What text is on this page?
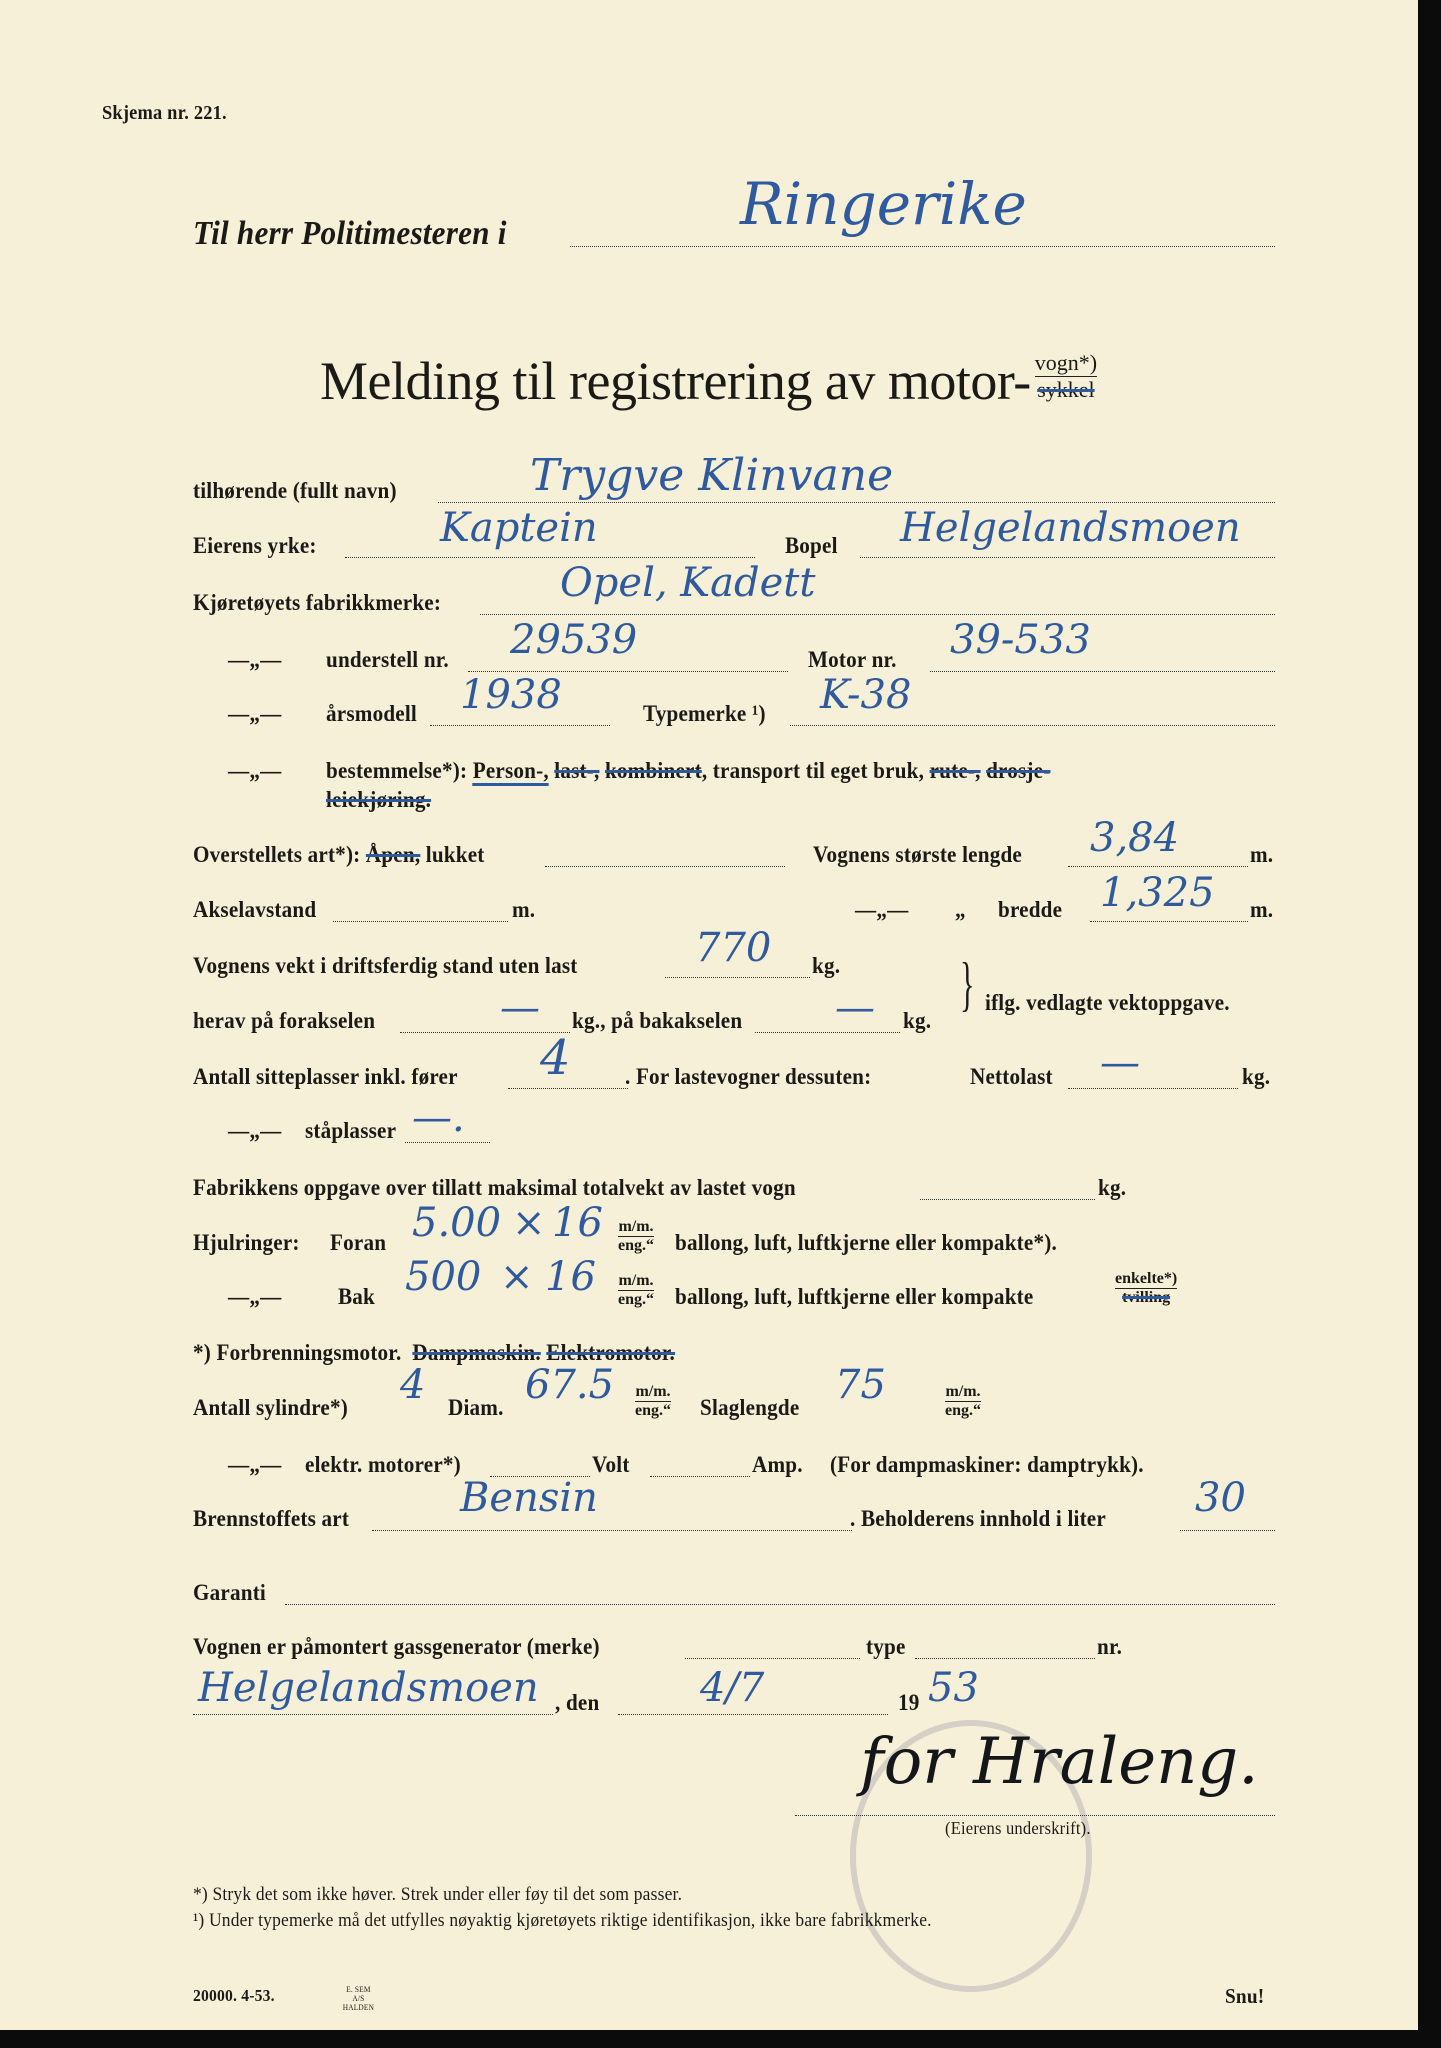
Skjema nr. 221.
Til herr Politimesteren i	Ringerike
Melding til registrering av motor- $\frac{\text{vogn*)}}{\text{sykkel}}$
tilhørende (fullt navn)	Trygve Klinvane
Eierens yrke:	Kaptein	Bopel Helgelandsmoen
Kjøretøyets fabrikkmerke:	Opel, Kadett
—„— understell nr. 29539	Motor nr. 39-533
—„— årsmodell 1938	Typemerke ¹) K-38
—„— bestemmelse*): Person-, last-, kombinert, transport til eget bruk, rute-, drosje-
leiekjøring.
Overstellets art*): Åpen, lukket	Vognens største lengde 3,84	m.
Akselavstand	m.	—„— „ bredde 1,325 m.
Vognens vekt i driftsferdig stand uten last	770 kg. }
herav på forakselen	— kg., på bakakselen — kg.
iflg. vedlagte vektoppgave.
Antall sitteplasser inkl. fører 4 . For lastevogner dessuten:	Nettolast —	kg.
—„— ståplasser —.
Fabrikkens oppgave over tillatt maksimal totalvekt av lastet vogn	kg.
Hjulringer: Foran 5.00 × 16 m/m.
eng.“ ballong, luft, luftkjerne eller kompakte*).
—„— Bak 500 × 16 m/m.
eng.“ ballong, luft, luftkjerne eller kompakte
enkelte*)
tvilling
*) Forbrenningsmotor. Dampmaskin. Elektromotor.
Antall sylindre*) 4 Diam. 67.5 m/m.
eng.“ Slaglengde 75	m/m.
eng.“
—„— elektr. motorer*)	Volt	Amp. (For dampmaskiner: damptrykk).
Brennstoffets art	Bensin	. Beholderens innhold i liter 30
Garanti
Vognen er påmontert gassgenerator (merke)	type	nr.
Helgelandsmoen , den	4/7	19 53
for Hraleng.
(Eierens underskrift).
*) Stryk det som ikke høver. Strek under eller føy til det som passer.
¹) Under typemerke må det utfylles nøyaktig kjøretøyets riktige identifikasjon, ikke bare fabrikkmerke.
20000. 4-53.	E. SEM A/S HALDEN	Snu!
